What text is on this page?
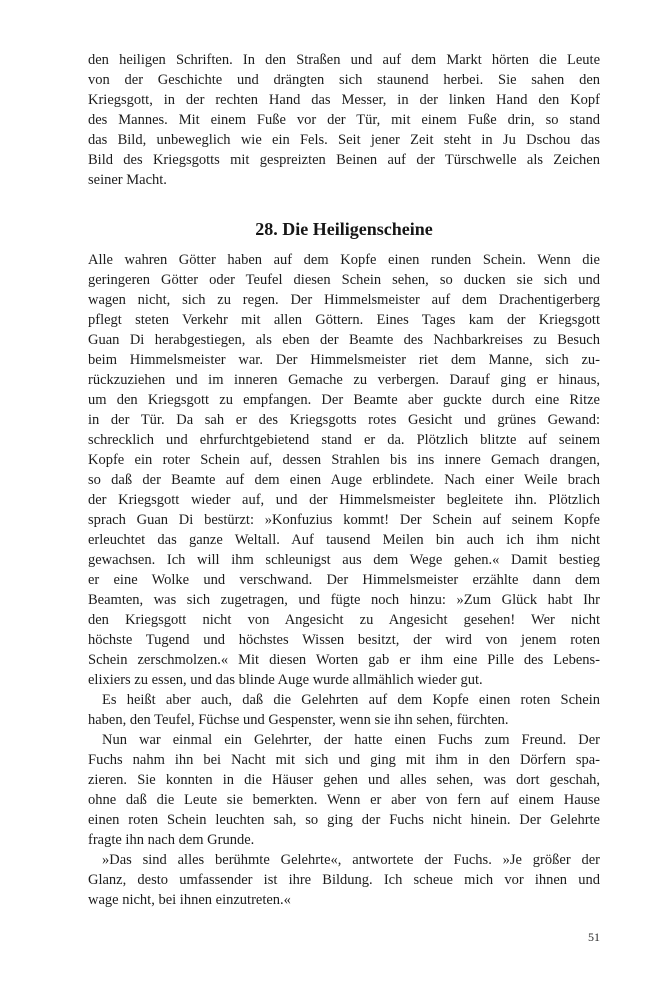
den heiligen Schriften. In den Straßen und auf dem Markt hörten die Leute
von der Geschichte und drängten sich staunend herbei. Sie sahen den
Kriegsgott, in der rechten Hand das Messer, in der linken Hand den Kopf
des Mannes. Mit einem Fuße vor der Tür, mit einem Fuße drin, so stand
das Bild, unbeweglich wie ein Fels. Seit jener Zeit steht in Ju Dschou das
Bild des Kriegsgotts mit gespreizten Beinen auf der Türschwelle als Zeichen
seiner Macht.
28. Die Heiligenscheine
Alle wahren Götter haben auf dem Kopfe einen runden Schein. Wenn die
geringeren Götter oder Teufel diesen Schein sehen, so ducken sie sich und
wagen nicht, sich zu regen. Der Himmelsmeister auf dem Drachentigerberg
pflegt steten Verkehr mit allen Göttern. Eines Tages kam der Kriegsgott
Guan Di herabgestiegen, als eben der Beamte des Nachbarkreises zu Besuch
beim Himmelsmeister war. Der Himmelsmeister riet dem Manne, sich zu-
rückzuziehen und im inneren Gemache zu verbergen. Darauf ging er hinaus,
um den Kriegsgott zu empfangen. Der Beamte aber guckte durch eine Ritze
in der Tür. Da sah er des Kriegsgotts rotes Gesicht und grünes Gewand:
schrecklich und ehrfurchtgebietend stand er da. Plötzlich blitzte auf seinem
Kopfe ein roter Schein auf, dessen Strahlen bis ins innere Gemach drangen,
so daß der Beamte auf dem einen Auge erblindete. Nach einer Weile brach
der Kriegsgott wieder auf, und der Himmelsmeister begleitete ihn. Plötzlich
sprach Guan Di bestürzt: »Konfuzius kommt! Der Schein auf seinem Kopfe
erleuchtet das ganze Weltall. Auf tausend Meilen bin auch ich ihm nicht
gewachsen. Ich will ihm schleunigst aus dem Wege gehen.« Damit bestieg
er eine Wolke und verschwand. Der Himmelsmeister erzählte dann dem
Beamten, was sich zugetragen, und fügte noch hinzu: »Zum Glück habt Ihr
den Kriegsgott nicht von Angesicht zu Angesicht gesehen! Wer nicht
höchste Tugend und höchstes Wissen besitzt, der wird von jenem roten
Schein zerschmolzen.« Mit diesen Worten gab er ihm eine Pille des Lebens-
elixiers zu essen, und das blinde Auge wurde allmählich wieder gut.
Es heißt aber auch, daß die Gelehrten auf dem Kopfe einen roten Schein
haben, den Teufel, Füchse und Gespenster, wenn sie ihn sehen, fürchten.
Nun war einmal ein Gelehrter, der hatte einen Fuchs zum Freund. Der
Fuchs nahm ihn bei Nacht mit sich und ging mit ihm in den Dörfern spa-
zieren. Sie konnten in die Häuser gehen und alles sehen, was dort geschah,
ohne daß die Leute sie bemerkten. Wenn er aber von fern auf einem Hause
einen roten Schein leuchten sah, so ging der Fuchs nicht hinein. Der Gelehrte
fragte ihn nach dem Grunde.
»Das sind alles berühmte Gelehrte«, antwortete der Fuchs. »Je größer der
Glanz, desto umfassender ist ihre Bildung. Ich scheue mich vor ihnen und
wage nicht, bei ihnen einzutreten.«
51
